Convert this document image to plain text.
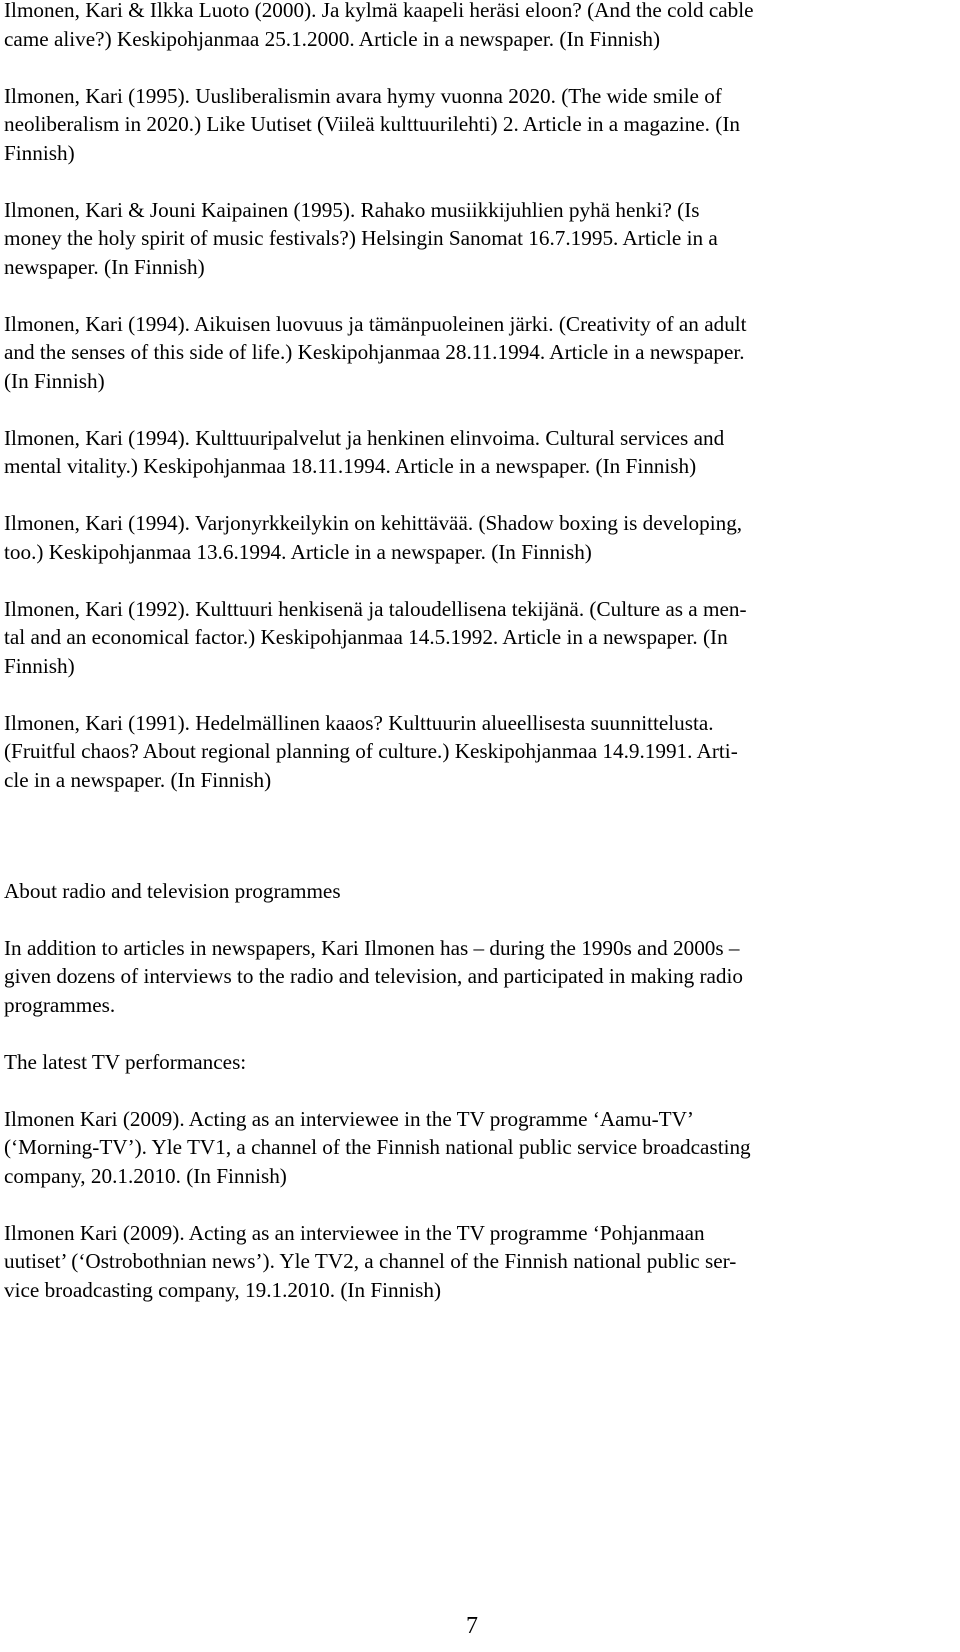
Ilmonen, Kari & Ilkka Luoto (2000). Ja kylmä kaapeli heräsi eloon? (And the cold cable
came alive?) Keskipohjanmaa 25.1.2000. Article in a newspaper. (In Finnish)
Ilmonen, Kari (1995). Uusliberalismin avara hymy vuonna 2020. (The wide smile of
neoliberalism in 2020.) Like Uutiset (Viileä kulttuurilehti) 2. Article in a magazine. (In
Finnish)
Ilmonen, Kari & Jouni Kaipainen (1995). Rahako musiikkijuhlien pyhä henki? (Is
money the holy spirit of music festivals?) Helsingin Sanomat 16.7.1995. Article in a
newspaper. (In Finnish)
Ilmonen, Kari (1994). Aikuisen luovuus ja tämänpuoleinen järki. (Creativity of an adult
and the senses of this side of life.) Keskipohjanmaa 28.11.1994. Article in a newspaper.
(In Finnish)
Ilmonen, Kari (1994). Kulttuuripalvelut ja henkinen elinvoima. Cultural services and
mental vitality.) Keskipohjanmaa 18.11.1994. Article in a newspaper. (In Finnish)
Ilmonen, Kari (1994). Varjonyrkkeilykin on kehittävää. (Shadow boxing is developing,
too.) Keskipohjanmaa 13.6.1994. Article in a newspaper. (In Finnish)
Ilmonen, Kari (1992). Kulttuuri henkisenä ja taloudellisena tekijänä. (Culture as a men-
tal and an economical factor.) Keskipohjanmaa 14.5.1992. Article in a newspaper. (In
Finnish)
Ilmonen, Kari (1991). Hedelmällinen kaaos? Kulttuurin alueellisesta suunnittelusta.
(Fruitful chaos? About regional planning of culture.) Keskipohjanmaa 14.9.1991. Arti-
cle in a newspaper. (In Finnish)
About radio and television programmes
In addition to articles in newspapers, Kari Ilmonen has – during the 1990s and 2000s –
given dozens of interviews to the radio and television, and participated in making radio
programmes.
The latest TV performances:
Ilmonen Kari (2009). Acting as an interviewee in the TV programme ‘Aamu-TV’
(‘Morning-TV’). Yle TV1, a channel of the Finnish national public service broadcasting
company, 20.1.2010. (In Finnish)
Ilmonen Kari (2009). Acting as an interviewee in the TV programme ‘Pohjanmaan
uutiset’ (‘Ostrobothnian news’). Yle TV2, a channel of the Finnish national public ser-
vice broadcasting company, 19.1.2010. (In Finnish)
7
